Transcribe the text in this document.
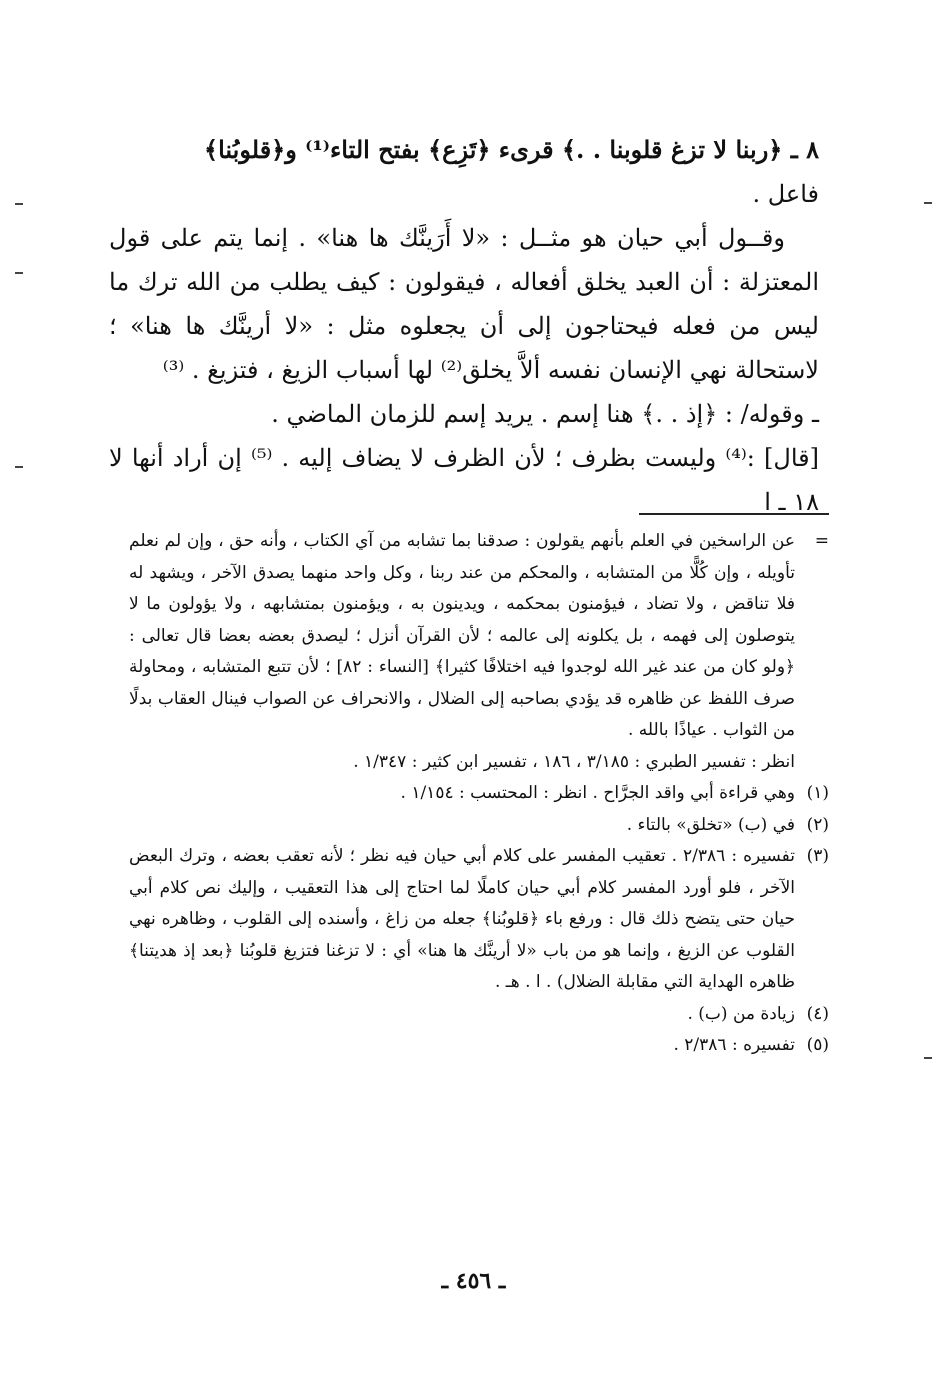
٨ ـ ﴿ربنا لا تزغ قلوبنا . .﴾ قرىء ﴿تَزِع﴾ بفتح التاء⁽¹⁾ و﴿قلوبُنا﴾

فاعل .

وقــول أبي حيان هو مثــل : «لا أَرَينَّك ها هنا» . إنما يتم على قول المعتزلة : أن العبد يخلق أفعاله ، فيقولون : كيف يطلب من الله ترك ما ليس من فعله فيحتاجون إلى أن يجعلوه مثل : «لا أرينَّك ها هنا» ؛ لاستحالة نهي الإنسان نفسه ألاَّ يخلق⁽²⁾ لها أسباب الزيغ ، فتزيغ . ⁽³⁾

ـ وقوله/ : ﴿إذ . .﴾ هنا إسم . يريد إسم للزمان الماضي .

[قال] :⁽⁴⁾ وليست بظرف ؛ لأن الظرف لا يضاف إليه . ⁽⁵⁾ إن أراد أنها لا ١٨ ـ ا

=
عن الراسخين في العلم بأنهم يقولون : صدقنا بما تشابه من آي الكتاب ، وأنه حق ، وإن لم نعلم تأويله ، وإن كُلًّا من المتشابه ، والمحكم من عند ربنا ، وكل واحد منهما يصدق الآخر ، ويشهد له فلا تناقض ، ولا تضاد ، فيؤمنون بمحكمه ، ويدينون به ، ويؤمنون بمتشابهه ، ولا يؤولون ما لا يتوصلون إلى فهمه ، بل يكلونه إلى عالمه ؛ لأن القرآن أنزل ؛ ليصدق بعضه بعضا قال تعالى : ﴿ولو كان من عند غير الله لوجدوا فيه اختلافًا كثيرا﴾ [النساء : ٨٢] ؛ لأن تتبع المتشابه ، ومحاولة صرف اللفظ عن ظاهره قد يؤدي بصاحبه إلى الضلال ، والانحراف عن الصواب فينال العقاب بدلًا من الثواب . عياذًا بالله .
انظر : تفسير الطبري : ٣/١٨٥ ، ١٨٦ ، تفسير ابن كثير : ١/٣٤٧ .
(١)
وهي قراءة أبي واقد الجرَّاح . انظر : المحتسب : ١/١٥٤ .
(٢)
في (ب) «تخلق» بالتاء .
(٣)
تفسيره : ٢/٣٨٦ . تعقيب المفسر على كلام أبي حيان فيه نظر ؛ لأنه تعقب بعضه ، وترك البعض الآخر ، فلو أورد المفسر كلام أبي حيان كاملًا لما احتاج إلى هذا التعقيب ، وإليك نص كلام أبي حيان حتى يتضح ذلك قال : ورفع باء ﴿قلوبُنا﴾ جعله من زاغ ، وأسنده إلى القلوب ، وظاهره نهي القلوب عن الزيغ ، وإنما هو من باب «لا أرينَّك ها هنا» أي : لا تزغنا فتزيغ قلوبُنا ﴿بعد إذ هديتنا﴾ ظاهره الهداية التي مقابلة الضلال) . ا . هـ .
(٤)
زيادة من (ب) .
(٥)
تفسيره : ٢/٣٨٦ .
ـ ٤٥٦ ـ
